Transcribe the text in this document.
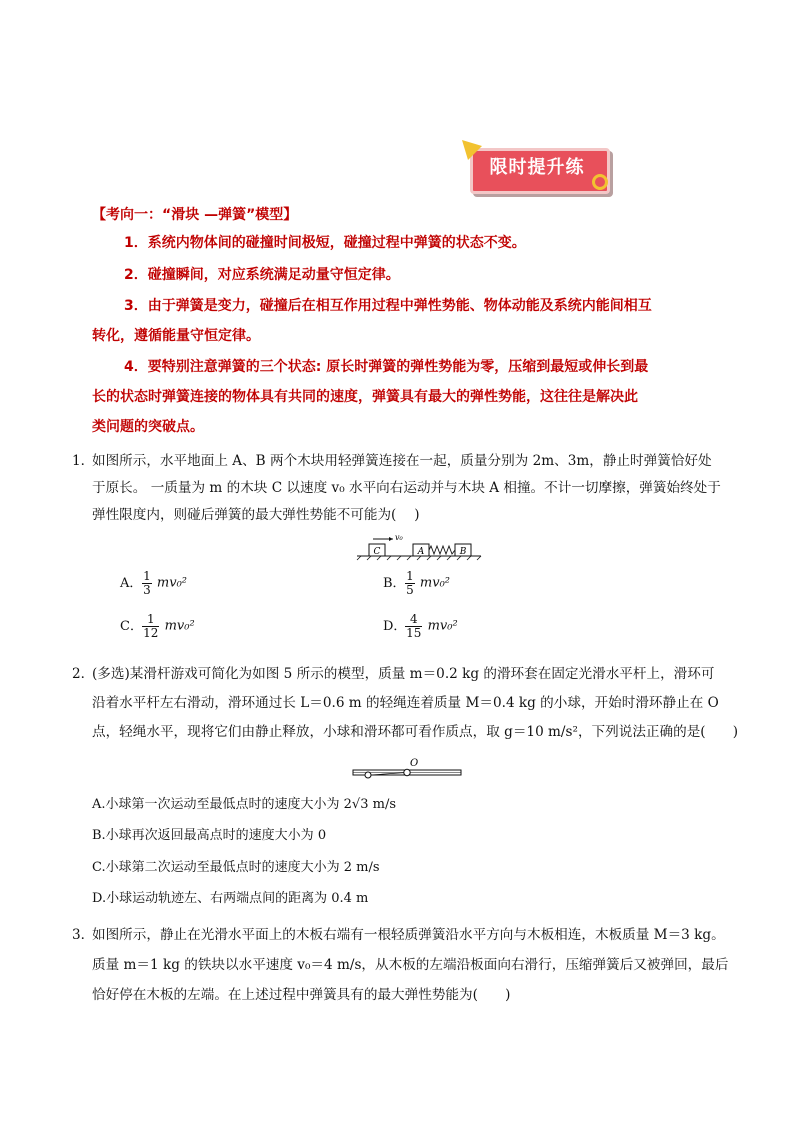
限时提升练
【考向一：“滑块 —弹簧”模型】
1．系统内物体间的碰撞时间极短，碰撞过程中弹簧的状态不变。
2．碰撞瞬间，对应系统满足动量守恒定律。
3．由于弹簧是变力，碰撞后在相互作用过程中弹性势能、物体动能及系统内能间相互
转化，遵循能量守恒定律。
4．要特别注意弹簧的三个状态: 原长时弹簧的弹性势能为零，压缩到最短或伸长到最
长的状态时弹簧连接的物体具有共同的速度，弹簧具有最大的弹性势能，这往往是解决此
类问题的突破点。
1．
如图所示，水平地面上 A、B 两个木块用轻弹簧连接在一起，质量分别为 2m、3m，静止时弹簧恰好处
于原长。 一质量为 m 的木块 C 以速度 v₀ 水平向右运动并与木块 A 相撞。不计一切摩擦，弹簧始终处于
弹性限度内，则碰后弹簧的最大弹性势能不可能为(　 )
C
v₀
A	B
A． $\frac{1}{3} mv_0^2$	B． $\frac{1}{5} mv_0^2$
C． $\frac{1}{12} mv_0^2$	D．
$\frac{4}{15} mv_0^2$
2．
(多选)某滑杆游戏可简化为如图 5 所示的模型，质量 m＝0.2 kg 的滑环套在固定光滑水平杆上，滑环可
沿着水平杆左右滑动，滑环通过长 L＝0.6 m 的轻绳连着质量 M＝0.4 kg 的小球，开始时滑环静止在 O
点，轻绳水平，现将它们由静止释放，小球和滑环都可看作质点，取 g＝10 m/s²，下列说法正确的是(　　)
O
A.小球第一次运动至最低点时的速度大小为 2√3 m/s
B.小球再次返回最高点时的速度大小为 0
C.小球第二次运动至最低点时的速度大小为 2 m/s
D.小球运动轨迹左、右两端点间的距离为 0.4 m
3．
如图所示，静止在光滑水平面上的木板右端有一根轻质弹簧沿水平方向与木板相连，木板质量 M＝3 kg。
质量 m＝1 kg 的铁块以水平速度 v₀＝4 m/s，从木板的左端沿板面向右滑行，压缩弹簧后又被弹回，最后
恰好停在木板的左端。在上述过程中弹簧具有的最大弹性势能为(　　)
